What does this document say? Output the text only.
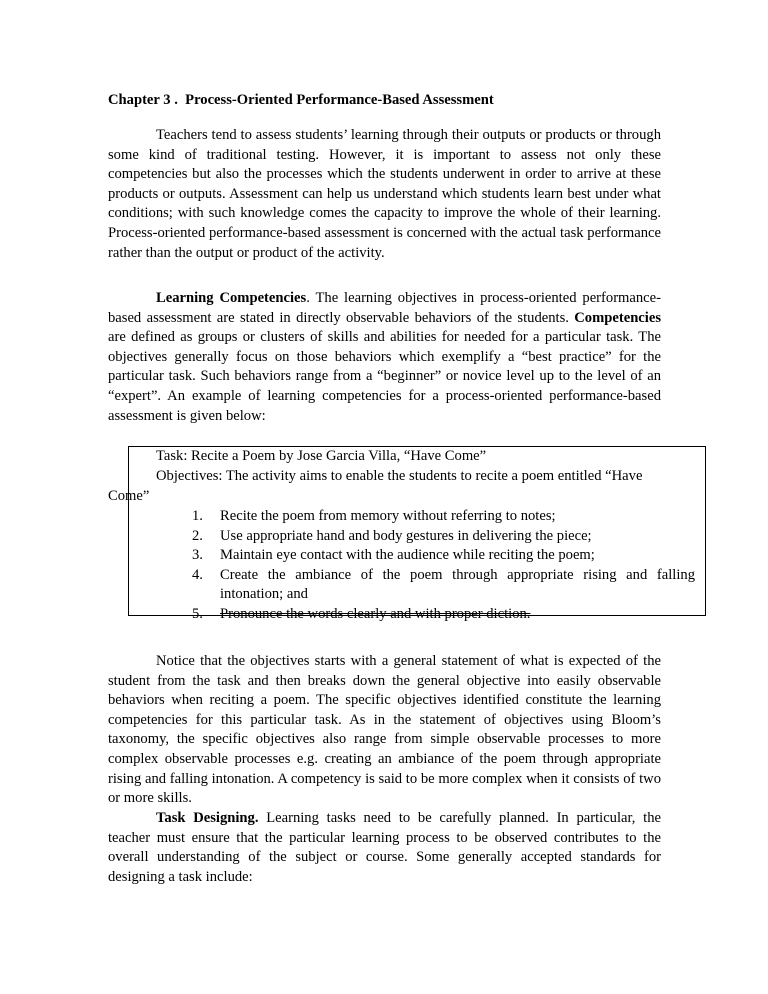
Chapter 3 .  Process-Oriented Performance-Based Assessment

Teachers tend to assess students’ learning through their outputs or products or through some kind of traditional testing. However, it is important to assess not only these competencies but also the processes which the students underwent in order to arrive at these products or outputs. Assessment can help us understand which students learn best under what conditions; with such knowledge comes the capacity to improve the whole of their learning. Process-oriented performance-based assessment is concerned with the actual task performance rather than the output or product of the activity.

Learning Competencies. The learning objectives in process-oriented performance-based assessment are stated in directly observable behaviors of the students. Competencies are defined as groups or clusters of skills and abilities for needed for a particular task. The objectives generally focus on those behaviors which exemplify a “best practice” for the particular task. Such behaviors range from a “beginner” or novice level up to the level of an “expert”. An example of learning competencies for a process-oriented performance-based assessment is given below:

Task: Recite a Poem by Jose Garcia Villa, “Have Come”

Objectives: The activity aims to enable the students to recite a poem entitled “Have

Come”

1. Recite the poem from memory without referring to notes;
2. Use appropriate hand and body gestures in delivering the piece;
3. Maintain eye contact with the audience while reciting the poem;
4. Create the ambiance of the poem through appropriate rising and falling intonation; and
5. Pronounce the words clearly and with proper diction.

Notice that the objectives starts with a general statement of what is expected of the student from the task and then breaks down the general objective into easily observable behaviors when reciting a poem. The specific objectives identified constitute the learning competencies for this particular task. As in the statement of objectives using Bloom’s taxonomy, the specific objectives also range from simple observable processes to more complex observable processes e.g. creating an ambiance of the poem through appropriate rising and falling intonation. A competency is said to be more complex when it consists of two or more skills.

Task Designing. Learning tasks need to be carefully planned. In particular, the teacher must ensure that the particular learning process to be observed contributes to the overall understanding of the subject or course. Some generally accepted standards for designing a task include:
